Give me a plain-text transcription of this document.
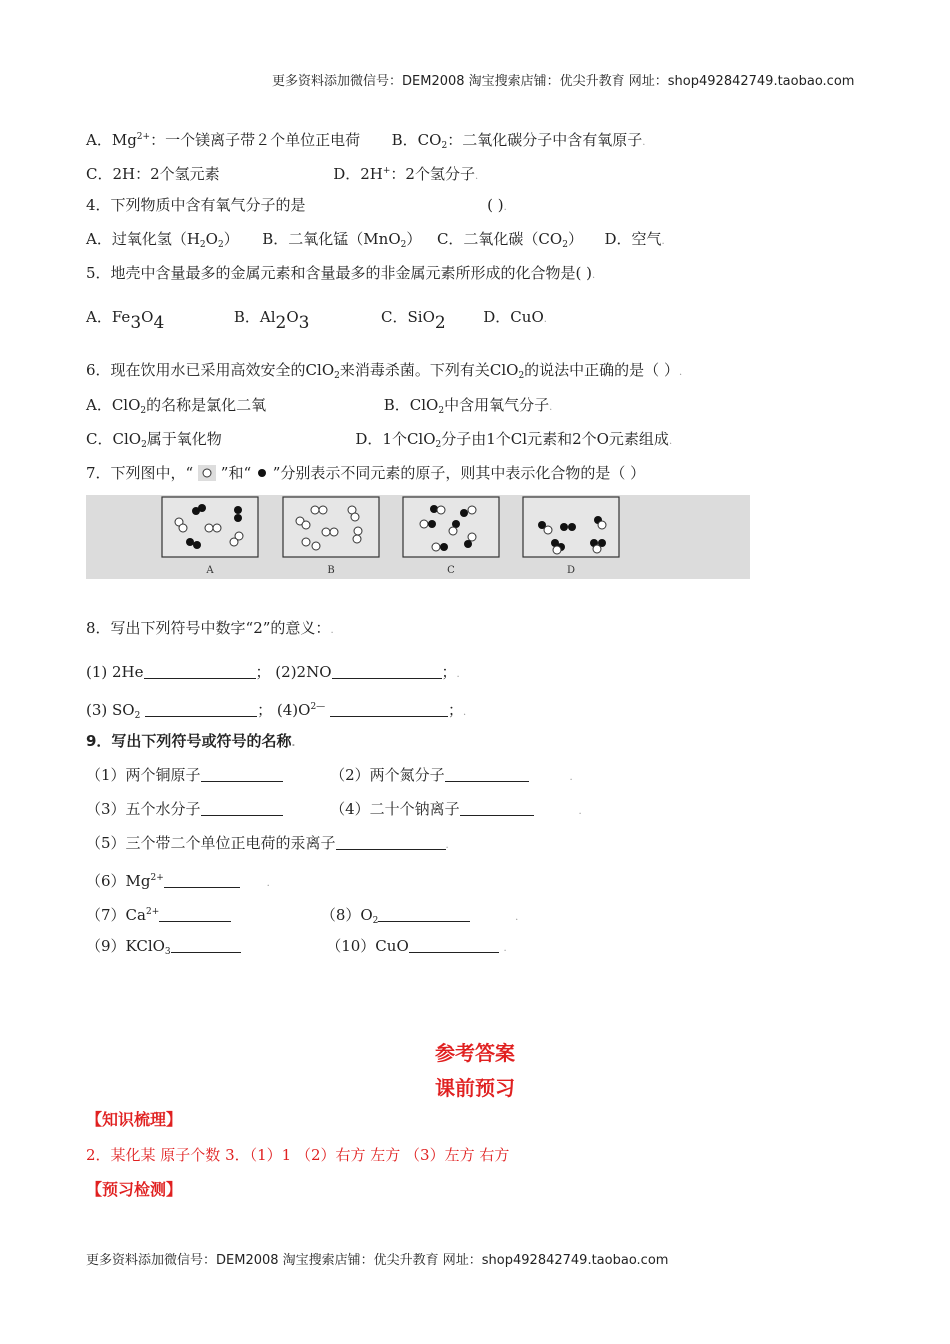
更多资料添加微信号：DEM2008 淘宝搜索店铺：优尖升教育 网址：shop492842749.taobao.com
A．$Mg^{2+}$：一个镁离子带２个单位正电荷 B．$CO_2$：二氧化碳分子中含有氧原子.
C．2H：2个氢元素	D．2H+：2个氢分子.
4．下列物质中含有氧气分子的是	( ).
A．过氧化氢$(H_2O_2)$ B．二氧化锰（MnO$_2$） C．二氧化碳$(CO_2)$ D．空气.
5．地壳中含量最多的金属元素和含量最多的非金属元素所形成的化合物是( ).
A．Fe3O4	B．Al2O3	C．SiO2	D．CuO.
6．现在饮用水已采用高效安全的ClO$_2$来消毒杀菌。下列有关ClO$_2$的说法中正确的是（ ）.
A．ClO$_2$的名称是氯化二氧	B．ClO$_2$中含用氧气分子.
C．ClO$_2$属于氧化物	D．1个ClO$_2$分子由1个Cl元素和2个O元素组成.
7．下列图中，“ ”和“ ”分别表示不同元素的原子，则其中表示化合物的是（ ）
A	B	C	D
8．写出下列符号中数字“2”的意义：.
(1) 2He	； (2)2NO	；.
(3) $SO_2$	； $(4)O^{2—}$	；.
9．写出下列符号或符号的名称.
（1）两个铜原子	（2）两个氮分子	.
（3）五个水分子	（4）二十个钠离子	.
（5）三个带二个单位正电荷的汞离子	.
$(6)Mg^{2+}$	.
$(7)Ca^{2+}$	$(8)O_2$	.
（9）KClO$_3$	（10）CuO	.
参考答案
课前预习
【知识梳理】
2．某化某 原子个数 3．（1）1 （2）右方 左方 （3）左方 右方
【预习检测】
更多资料添加微信号：DEM2008 淘宝搜索店铺：优尖升教育 网址：shop492842749.taobao.com
